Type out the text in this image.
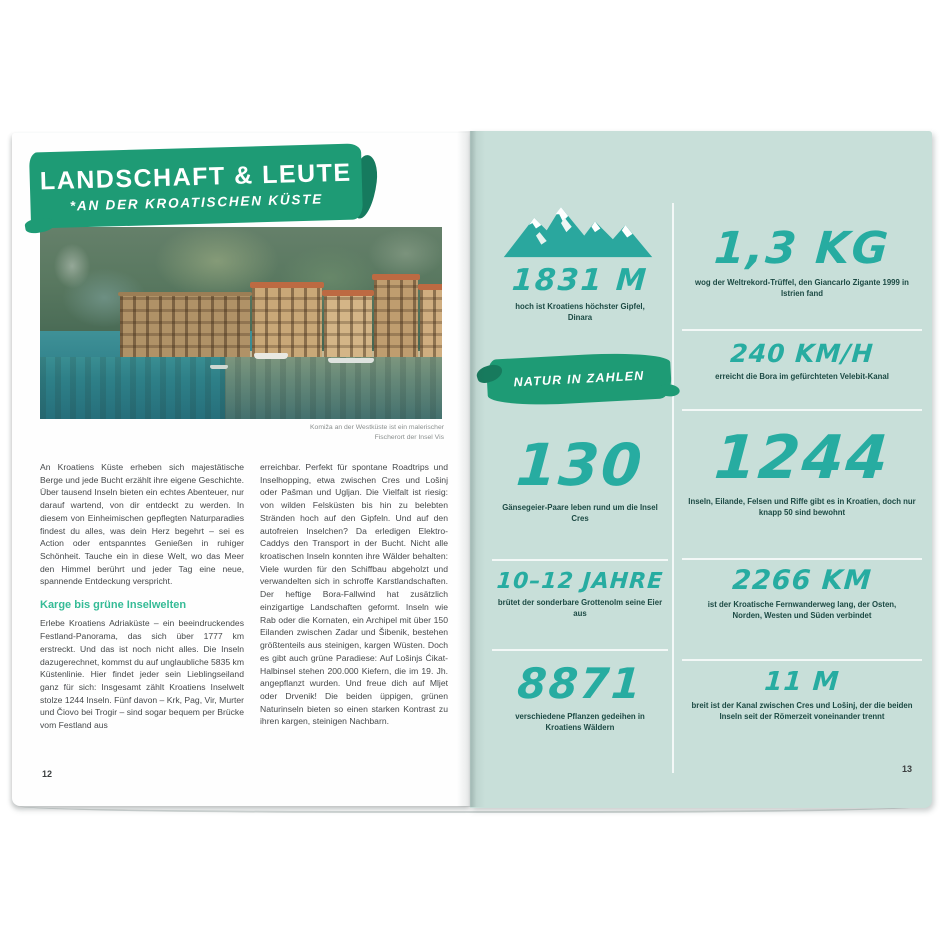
LANDSCHAFT & LEUTE
*AN DER KROATISCHEN KÜSTE
Komiža an der Westküste ist ein malerischer Fischerort der Insel Vis
An Kroatiens Küste erheben sich majestätische Berge und jede Bucht erzählt ihre eigene Geschichte. Über tausend Inseln bieten ein echtes Abenteuer, nur darauf wartend, von dir entdeckt zu werden. In diesem von Einheimischen gepflegten Naturparadies findest du alles, was dein Herz begehrt – sei es Action oder entspanntes Genießen in ruhiger Schönheit. Tauche ein in diese Welt, wo das Meer den Himmel berührt und jeder Tag eine neue, spannende Entdeckung verspricht.
Karge bis grüne Inselwelten
Erlebe Kroatiens Adriaküste – ein beeindruckendes Festland-Panorama, das sich über 1777 km erstreckt. Und das ist noch nicht alles. Die Inseln dazugerechnet, kommst du auf unglaubliche 5835 km Küstenlinie. Hier findet jeder sein Lieblingseiland ganz für sich: Insgesamt zählt Kroatiens Inselwelt stolze 1244 Inseln. Fünf davon – Krk, Pag, Vir, Murter und Čiovo bei Trogir – sind sogar bequem per Brücke vom Festland aus
erreichbar. Perfekt für spontane Roadtrips und Inselhopping, etwa zwischen Cres und Lošinj oder Pašman und Ugljan. Die Vielfalt ist riesig: von wilden Felsküsten bis hin zu belebten Stränden hoch auf den Gipfeln. Und auf den autofreien Inselchen? Da erledigen Elektro-Caddys den Transport in der Bucht. Nicht alle kroatischen Inseln konnten ihre Wälder behalten: Viele wurden für den Schiffbau abgeholzt und verwandelten sich in schroffe Karstlandschaften. Der heftige Bora-Fallwind hat zusätzlich einzigartige Landschaften geformt. Inseln wie Rab oder die Kornaten, ein Archipel mit über 150 Eilanden zwischen Zadar und Šibenik, bestehen größtenteils aus steinigen, kargen Wüsten. Doch es gibt auch grüne Paradiese: Auf Lošinjs Ćikat-Halbinsel stehen 200.000 Kiefern, die im 19. Jh. angepflanzt wurden. Und freue dich auf Mljet oder Drvenik! Die beiden üppigen, grünen Naturinseln bieten so einen starken Kontrast zu ihren kargen, steinigen Nachbarn.
12
1831 M
hoch ist Kroatiens höchster Gipfel, Dinara
NATUR IN ZAHLEN
130
Gänsegeier-Paare leben rund um die Insel Cres
10–12 JAHRE
brütet der sonderbare Grottenolm seine Eier aus
8871
verschiedene Pflanzen gedeihen in Kroatiens Wäldern
1,3 KG
wog der Weltrekord-Trüffel, den Giancarlo Zigante 1999 in Istrien fand
240 KM/H
erreicht die Bora im gefürchteten Velebit-Kanal
1244
Inseln, Eilande, Felsen und Riffe gibt es in Kroatien, doch nur knapp 50 sind bewohnt
2266 KM
ist der Kroatische Fernwanderweg lang, der Osten, Norden, Westen und Süden verbindet
11 M
breit ist der Kanal zwischen Cres und Lošinj, der die beiden Inseln seit der Römerzeit voneinander trennt
13
